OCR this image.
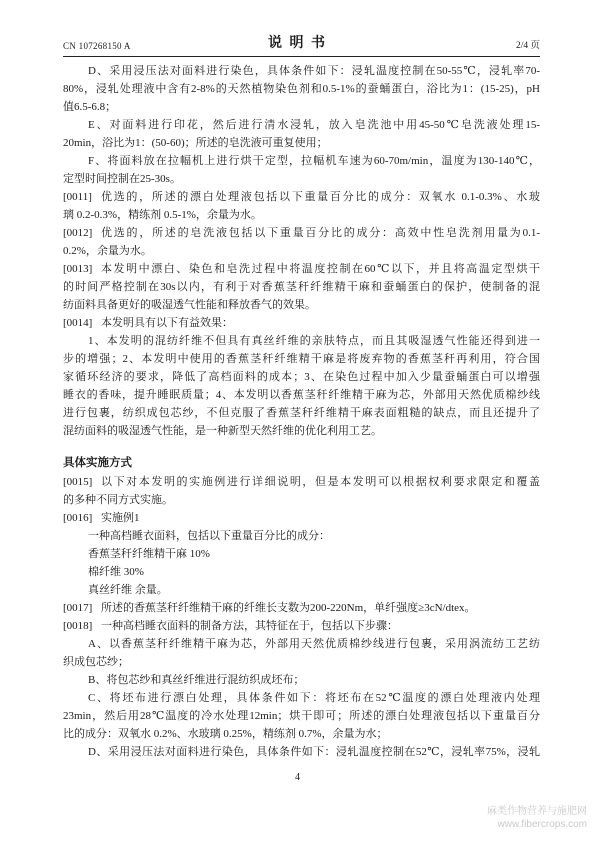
CN 107268150 A	说 明 书	2/4 页
D、采用浸压法对面料进行染色，具体条件如下：浸轧温度控制在50-55℃，浸轧率70-
80%，浸轧处理液中含有2-8%的天然植物染色剂和0.5-1%的蚕蛹蛋白，浴比为1：(15-25)，pH
值6.5-6.8；
E、对面料进行印花，然后进行清水浸轧，放入皂洗池中用45-50℃皂洗液处理15-
20min，浴比为1：(50-60)；所述的皂洗液可重复使用；
F、将面料放在拉幅机上进行烘干定型，拉幅机车速为60-70m/min，温度为130-140℃，
定型时间控制在25-30s。
[0011] 优选的，所述的漂白处理液包括以下重量百分比的成分：双氧水 0.1-0.3%、水玻
璃 0.2-0.3%，精练剂 0.5-1%，余量为水。
[0012] 优选的，所述的皂洗液包括以下重量百分比的成分：高效中性皂洗剂用量为0.1-
0.2%，余量为水。
[0013] 本发明中漂白、染色和皂洗过程中将温度控制在60℃以下，并且将高温定型烘干
的时间严格控制在30s以内，有利于对香蕉茎秆纤维精干麻和蚕蛹蛋白的保护，使制备的混
纺面料具备更好的吸湿透气性能和释放香气的效果。
[0014] 本发明具有以下有益效果：
1、本发明的混纺纤维不但具有真丝纤维的亲肤特点，而且其吸湿透气性能还得到进一
步的增强；2、本发明中使用的香蕉茎秆纤维精干麻是将废弃物的香蕉茎秆再利用，符合国
家循环经济的要求，降低了高档面料的成本；3、在染色过程中加入少量蚕蛹蛋白可以增强
睡衣的香味，提升睡眠质量；4、本发明以香蕉茎秆纤维精干麻为芯，外部用天然优质棉纱线
进行包裹，纺织成包芯纱，不但克服了香蕉茎秆纤维精干麻表面粗糙的缺点，而且还提升了
混纺面料的吸湿透气性能，是一种新型天然纤维的优化利用工艺。
具体实施方式
[0015] 以下对本发明的实施例进行详细说明，但是本发明可以根据权利要求限定和覆盖
的多种不同方式实施。
[0016] 实施例1
一种高档睡衣面料，包括以下重量百分比的成分：
香蕉茎秆纤维精干麻 10%
棉纤维 30%
真丝纤维 余量。
[0017] 所述的香蕉茎秆纤维精干麻的纤维长支数为200-220Nm，单纤强度≥3cN/dtex。
[0018] 一种高档睡衣面料的制备方法，其特征在于，包括以下步骤：
A、以香蕉茎秆纤维精干麻为芯，外部用天然优质棉纱线进行包裹，采用涡流纺工艺纺
织成包芯纱；
B、将包芯纱和真丝纤维进行混纺织成坯布；
C、将坯布进行漂白处理，具体条件如下：将坯布在52℃温度的漂白处理液内处理
23min，然后用28℃温度的冷水处理12min；烘干即可；所述的漂白处理液包括以下重量百分
比的成分：双氧水 0.2%、水玻璃 0.25%，精练剂 0.7%，余量为水；
D、采用浸压法对面料进行染色，具体条件如下：浸轧温度控制在52℃，浸轧率75%，浸轧
4
麻类作物营养与施肥网
www.fibercrops.com
